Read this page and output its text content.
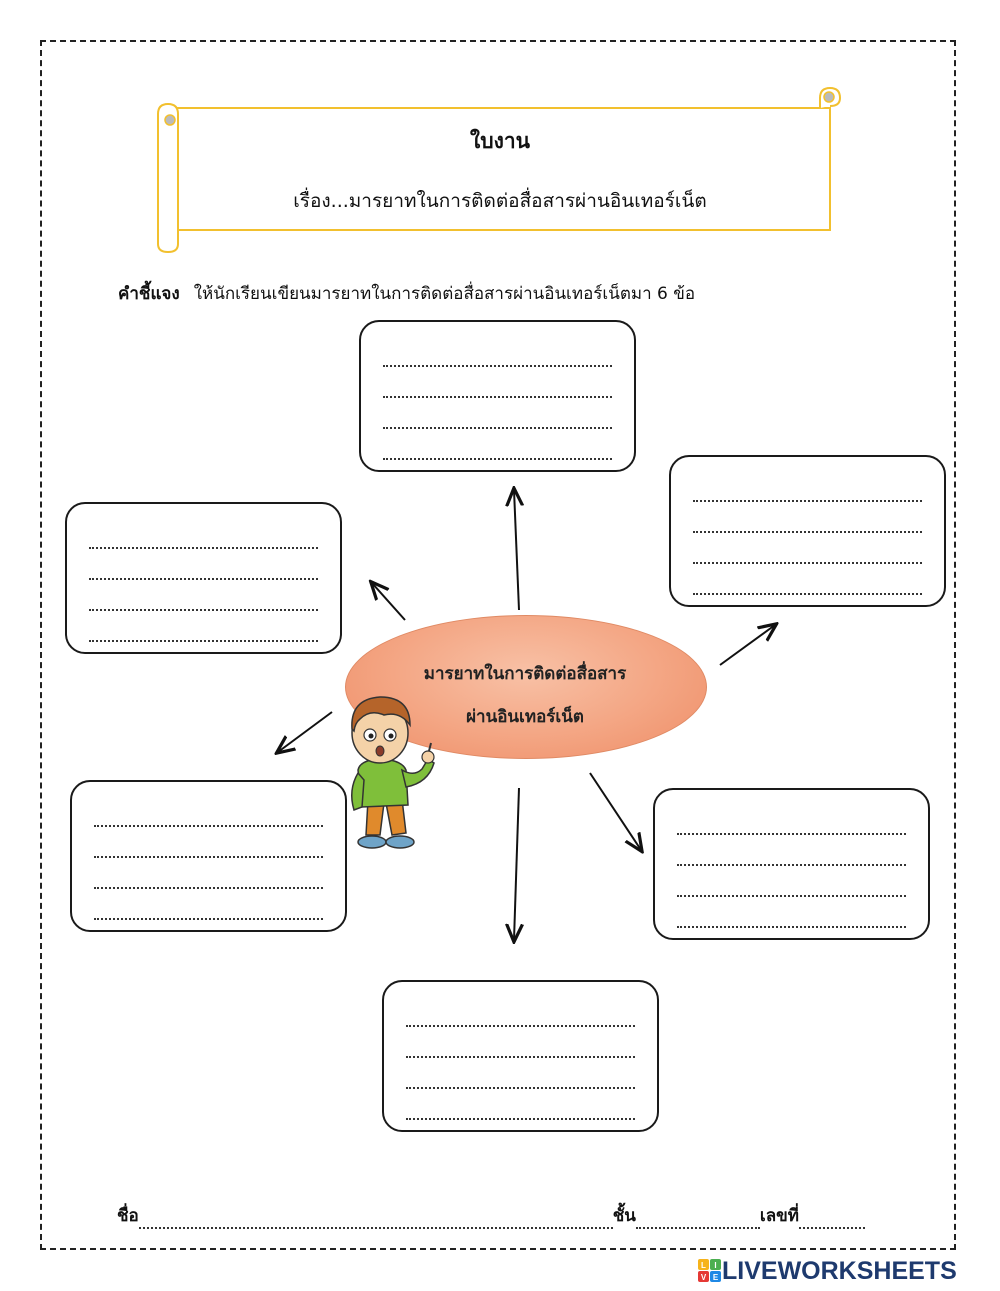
ใบงาน
เรื่อง...มารยาทในการติดต่อสื่อสารผ่านอินเทอร์เน็ต
คำชี้แจง ให้นักเรียนเขียนมารยาทในการติดต่อสื่อสารผ่านอินเทอร์เน็ตมา 6 ข้อ
มารยาทในการติดต่อสื่อสาร
ผ่านอินเทอร์เน็ต
ชื่อ	ชั้น	เลขที่
L I
V E LIVEWORKSHEETS
